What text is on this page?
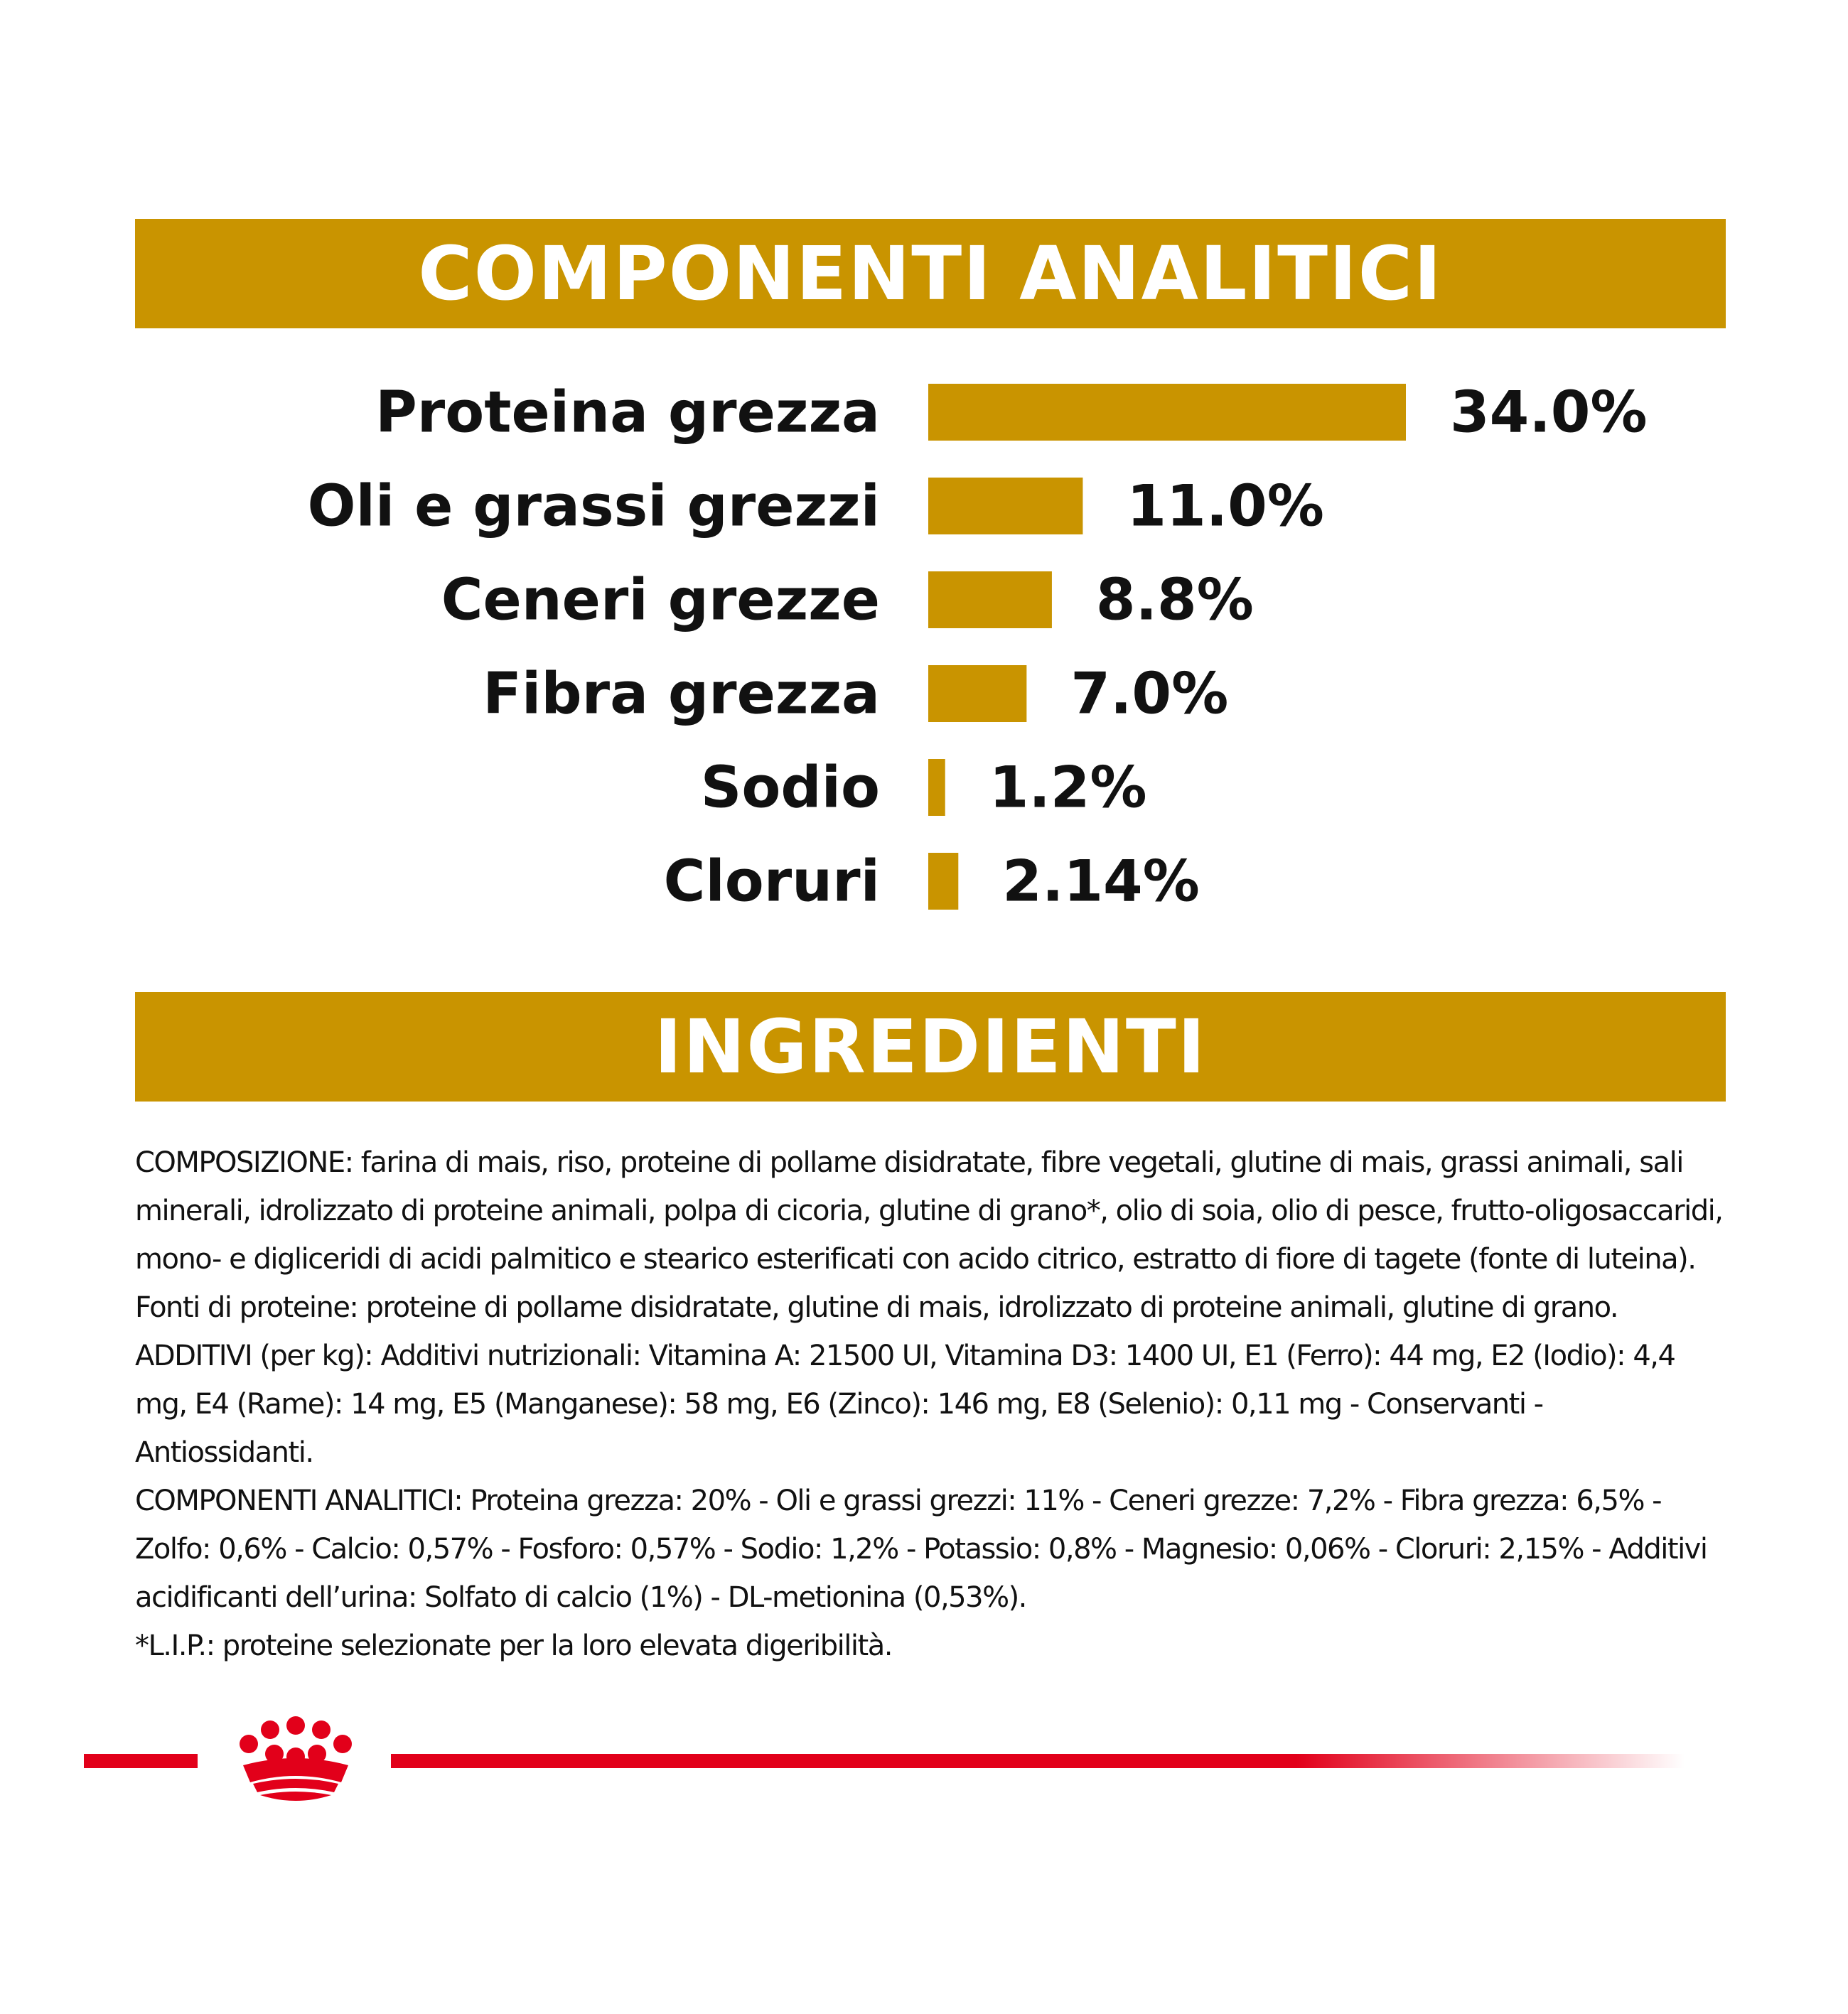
COMPONENTI ANALITICI
Proteina grezza	34.0%
Oli e grassi grezzi	11.0%
Ceneri grezze	8.8%
Fibra grezza	7.0%
Sodio 1.2%
Cloruri 2.14%
INGREDIENTI

COMPOSIZIONE: farina di mais, riso, proteine di pollame disidratate, fibre vegetali, glutine di mais, grassi animali, sali minerali, idrolizzato di proteine animali, polpa di cicoria, glutine di grano*, olio di soia, olio di pesce, frutto-oligosaccaridi, mono- e digliceridi di acidi palmitico e stearico esterificati con acido citrico, estratto di fiore di tagete (fonte di luteina). Fonti di proteine: proteine di pollame disidratate, glutine di mais, idrolizzato di proteine animali, glutine di grano.

ADDITIVI (per kg): Additivi nutrizionali: Vitamina A: 21500 UI, Vitamina D3: 1400 UI, E1 (Ferro): 44 mg, E2 (Iodio): 4,4 mg, E4 (Rame): 14 mg, E5 (Manganese): 58 mg, E6 (Zinco): 146 mg, E8 (Selenio): 0,11 mg - Conservanti - Antiossidanti.

COMPONENTI ANALITICI: Proteina grezza: 20% - Oli e grassi grezzi: 11% - Ceneri grezze: 7,2% - Fibra grezza: 6,5% - Zolfo: 0,6% - Calcio: 0,57% - Fosforo: 0,57% - Sodio: 1,2% - Potassio: 0,8% - Magnesio: 0,06% - Cloruri: 2,15% - Additivi acidificanti dell’urina: Solfato di calcio (1%) - DL-metionina (0,53%).

*L.I.P.: proteine selezionate per la loro elevata digeribilità.
